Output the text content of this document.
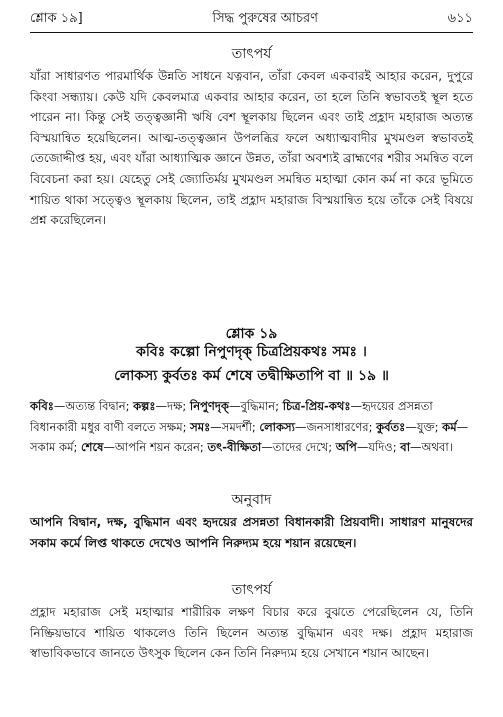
শ্লোক ১৯]	সিদ্ধ পুরুষের আচরণ	৬১১
তাৎপর্য

যাঁরা সাধারণত পারমার্থিক উন্নতি সাধনে যত্নবান, তাঁরা কেবল একবারই আহার করেন, দুপুরে কিংবা সন্ধ্যায়। কেউ যদি কেবলমাত্র একবার আহার করেন, তা হলে তিনি স্বভাবতই স্থূল হতে পারেন না। কিন্তু সেই তত্ত্বজ্ঞানী ঋষি বেশ স্থূলকায় ছিলেন এবং তাই প্রহ্লাদ মহারাজ অত্যন্ত বিস্ময়ান্বিত হয়েছিলেন। আত্ম-তত্ত্বজ্ঞান উপলব্ধির ফলে অধ্যাত্মবাদীর মুখমণ্ডল স্বভাবতই তেজোদ্দীপ্ত হয়, এবং যাঁরা আধ্যাত্মিক জ্ঞানে উন্নত, তাঁরা অবশ্যই ব্রাহ্মণের শরীর সমন্বিত বলে বিবেচনা করা হয়। যেহেতু সেই জ্যোতির্ময় মুখমণ্ডল সমন্বিত মহাত্মা কোন কর্ম না করে ভূমিতে শায়িত থাকা সত্ত্বেও স্থূলকায় ছিলেন, তাই প্রহ্লাদ মহারাজ বিস্ময়ান্বিত হয়ে তাঁকে সেই বিষয়ে প্রশ্ন করেছিলেন।

শ্লোক ১৯
কবিঃ কল্পো নিপুণদৃক্ চিত্রপ্রিয়কথঃ সমঃ ।
লোকস্য কুর্বতঃ কর্ম শেষে তদ্বীক্ষিতাপি বা ॥ ১৯ ॥

কবিঃ—অত্যন্ত বিদ্বান; কল্পঃ—দক্ষ; নিপুণদৃক্—বুদ্ধিমান; চিত্র-প্রিয়-কথঃ—হৃদয়ের প্রসন্নতা বিধানকারী মধুর বাণী বলতে সক্ষম; সমঃ—সমদর্শী; লোকস্য—জনসাধারণের; কুর্বতঃ—যুক্ত; কর্ম—সকাম কর্ম; শেষে—আপনি শয়ন করেন; তৎ-বীক্ষিতা—তাদের দেখে; অপি—যদিও; বা—অথবা।

অনুবাদ

আপনি বিদ্বান, দক্ষ, বুদ্ধিমান এবং হৃদয়ের প্রসন্নতা বিধানকারী প্রিয়বাদী। সাধারণ মানুষদের সকাম কর্মে লিপ্ত থাকতে দেখেও আপনি নিরুদ্যম হয়ে শয়ান রয়েছেন।

তাৎপর্য

প্রহ্লাদ মহারাজ সেই মহাত্মার শারীরিক লক্ষণ বিচার করে বুঝতে পেরেছিলেন যে, তিনি নিষ্ক্রিয়ভাবে শায়িত থাকলেও তিনি ছিলেন অত্যন্ত বুদ্ধিমান এবং দক্ষ। প্রহ্লাদ মহারাজ স্বাভাবিকভাবে জানতে উৎসুক ছিলেন কেন তিনি নিরুদ্যম হয়ে সেখানে শয়ান আছেন।
